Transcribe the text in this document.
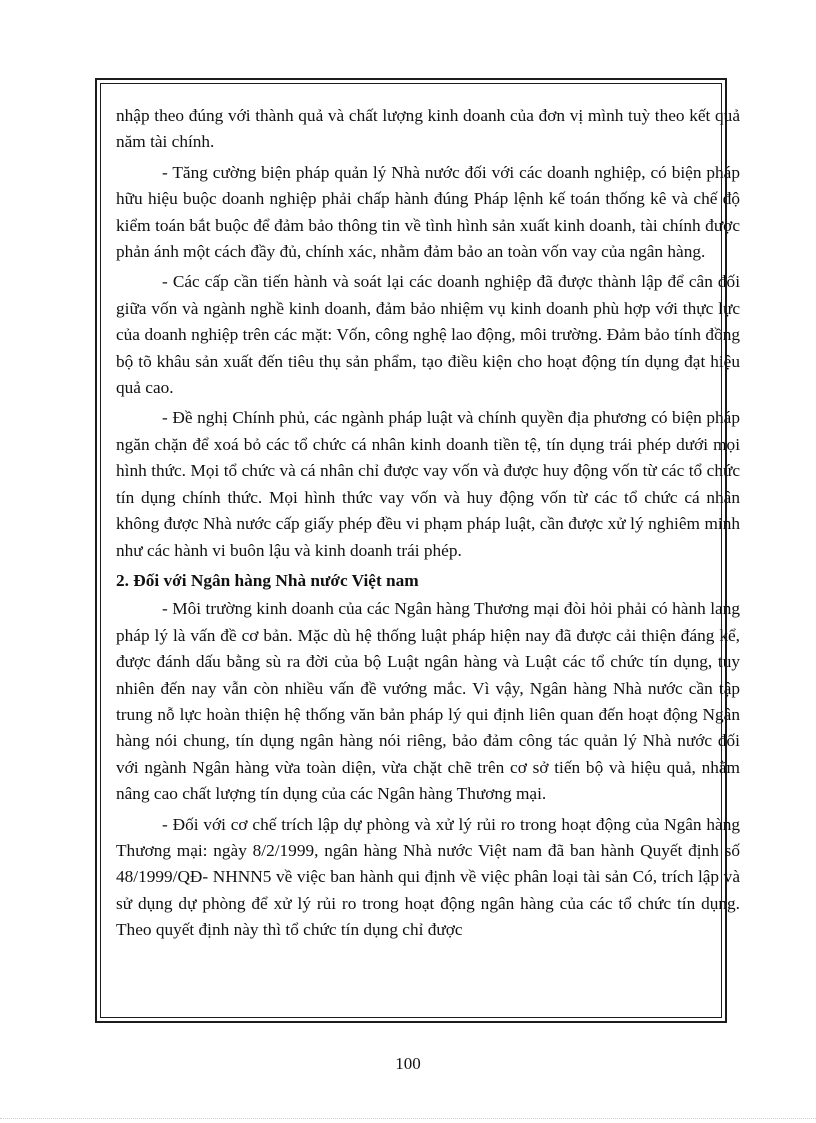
nhập theo đúng với thành quả và chất lượng kinh doanh của đơn vị mình tuỳ theo kết quả năm tài chính.

- Tăng cường biện pháp quản lý Nhà nước đối với các doanh nghiệp, có biện pháp hữu hiệu buộc doanh nghiệp phải chấp hành đúng Pháp lệnh kế toán thống kê và chế độ kiểm toán bắt buộc để đảm bảo thông tin về tình hình sản xuất kinh doanh, tài chính được phản ánh một cách đầy đủ, chính xác, nhằm đảm bảo an toàn vốn vay của ngân hàng.

- Các cấp cần tiến hành và soát lại các doanh nghiệp đã được thành lập để cân đối giữa vốn và ngành nghề kinh doanh, đảm bảo nhiệm vụ kinh doanh phù hợp với thực lực của doanh nghiệp trên các mặt: Vốn, công nghệ lao động, môi trường. Đảm bảo tính đồng bộ tõ khâu sản xuất đến tiêu thụ sản phẩm, tạo điều kiện cho hoạt động tín dụng đạt hiệu quả cao.

- Đề nghị Chính phủ, các ngành pháp luật và chính quyền địa phương có biện pháp ngăn chặn để xoá bỏ các tổ chức cá nhân kinh doanh tiền tệ, tín dụng trái phép dưới mọi hình thức. Mọi tổ chức và cá nhân chỉ được vay vốn và được huy động vốn từ các tổ chức tín dụng chính thức. Mọi hình thức vay vốn và huy động vốn từ các tổ chức cá nhân không được Nhà nước cấp giấy phép đều vi phạm pháp luật, cần được xử lý nghiêm minh như các hành vi buôn lậu và kinh doanh trái phép.

2. Đối với Ngân hàng Nhà nước Việt nam

- Môi trường kinh doanh của các Ngân hàng Thương mại đòi hỏi phải có hành lang pháp lý là vấn đề cơ bản. Mặc dù hệ thống luật pháp hiện nay đã được cải thiện đáng kể, được đánh dấu bằng sù ra đời của bộ Luật ngân hàng và Luật các tổ chức tín dụng, tuy nhiên đến nay vẫn còn nhiều vấn đề vướng mắc. Vì vậy, Ngân hàng Nhà nước cần tập trung nỗ lực hoàn thiện hệ thống văn bản pháp lý qui định liên quan đến hoạt động Ngân hàng nói chung, tín dụng ngân hàng nói riêng, bảo đảm công tác quản lý Nhà nước đối với ngành Ngân hàng vừa toàn diện, vừa chặt chẽ trên cơ sở tiến bộ và hiệu quả, nhằm nâng cao chất lượng tín dụng của các Ngân hàng Thương mại.

- Đối với cơ chế trích lập dự phòng và xử lý rủi ro trong hoạt động của Ngân hàng Thương mại: ngày 8/2/1999, ngân hàng Nhà nước Việt nam đã ban hành Quyết định số 48/1999/QĐ- NHNN5 về việc ban hành qui định về việc phân loại tài sản Có, trích lập và sử dụng dự phòng để xử lý rủi ro trong hoạt động ngân hàng của các tổ chức tín dụng. Theo quyết định này thì tổ chức tín dụng chỉ được

100
